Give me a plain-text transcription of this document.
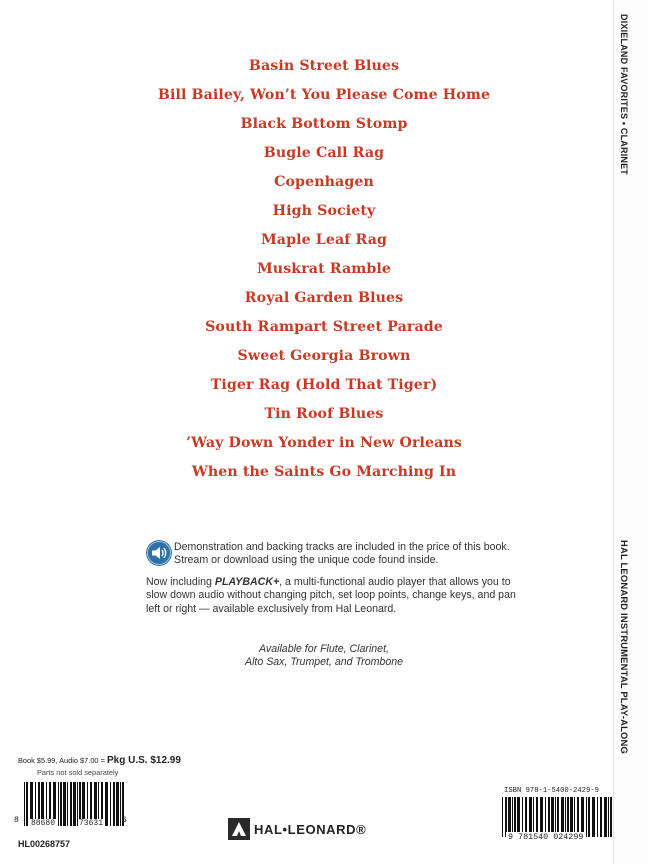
DIXIELAND FAVORITES • CLARINET
HAL LEONARD INSTRUMENTAL PLAY-ALONG
Basin Street Blues
Bill Bailey, Won’t You Please Come Home
Black Bottom Stomp
Bugle Call Rag
Copenhagen
High Society
Maple Leaf Rag
Muskrat Ramble
Royal Garden Blues
South Rampart Street Parade
Sweet Georgia Brown
Tiger Rag (Hold That Tiger)
Tin Roof Blues
’Way Down Yonder in New Orleans
When the Saints Go Marching In
Demonstration and backing tracks are included in the price of this book. Stream or download using the unique code found inside.
Now including PLAYBACK+, a multi-functional audio player that allows you to slow down audio without changing pitch, set loop points, change keys, and pan left or right — available exclusively from Hal Leonard.
Available for Flute, Clarinet,
Alto Sax, Trumpet, and Trombone
Book $5.99, Audio $7.00 = Pkg U.S. $12.99
Parts not sold separately
8 88680	73631 6
HL00268757
HAL•LEONARD®
ISBN 978-1-5400-2429-9
9 781540 024299
